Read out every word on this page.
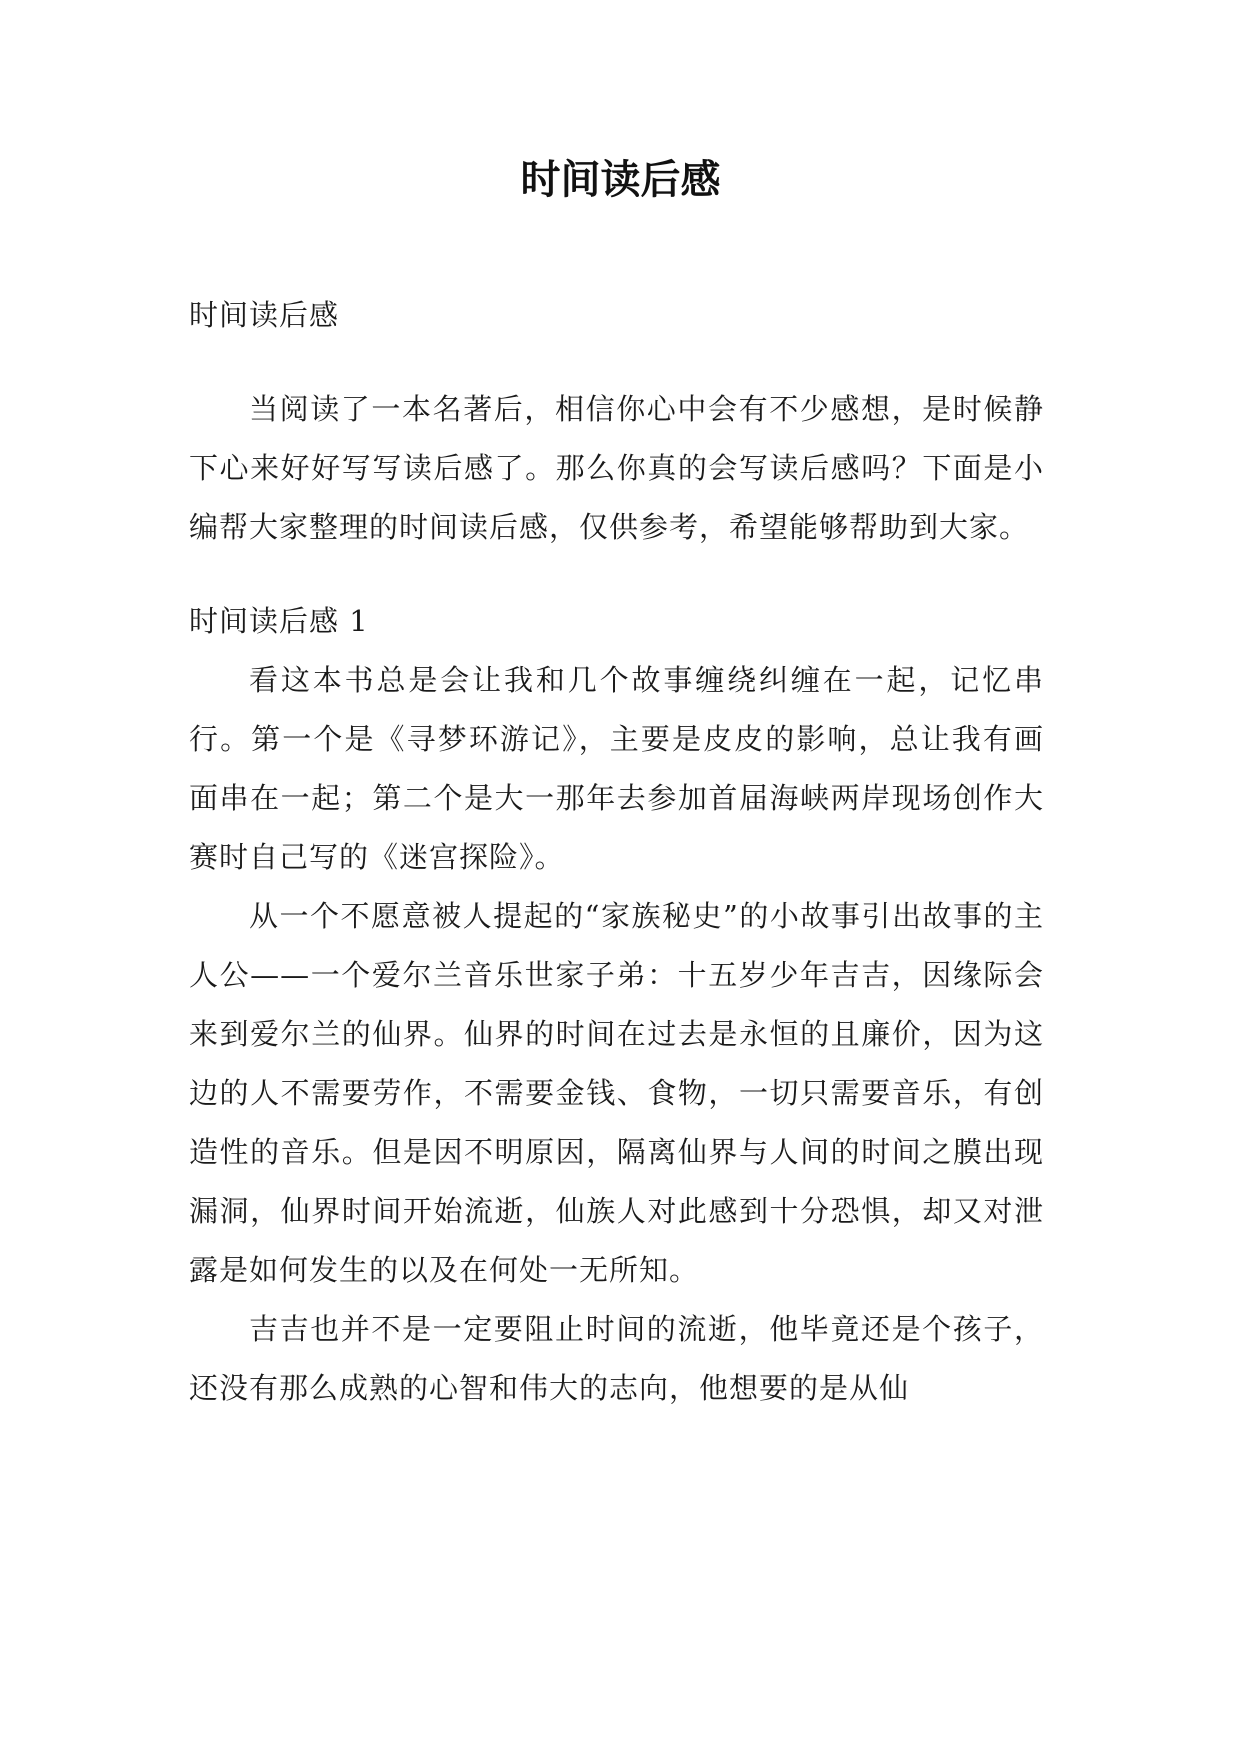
时间读后感

时间读后感

当阅读了一本名著后，相信你心中会有不少感想，是时候静下心来好好写写读后感了。那么你真的会写读后感吗？下面是小编帮大家整理的时间读后感，仅供参考，希望能够帮助到大家。

时间读后感 1

看这本书总是会让我和几个故事缠绕纠缠在一起，记忆串行。第一个是《寻梦环游记》，主要是皮皮的影响，总让我有画面串在一起；第二个是大一那年去参加首届海峡两岸现场创作大赛时自己写的《迷宫探险》。

从一个不愿意被人提起的“家族秘史”的小故事引出故事的主人公——一个爱尔兰音乐世家子弟：十五岁少年吉吉，因缘际会来到爱尔兰的仙界。仙界的时间在过去是永恒的且廉价，因为这边的人不需要劳作，不需要金钱、食物，一切只需要音乐，有创造性的音乐。但是因不明原因，隔离仙界与人间的时间之膜出现漏洞，仙界时间开始流逝，仙族人对此感到十分恐惧，却又对泄露是如何发生的以及在何处一无所知。

吉吉也并不是一定要阻止时间的流逝，他毕竟还是个孩子，还没有那么成熟的心智和伟大的志向，他想要的是从仙
